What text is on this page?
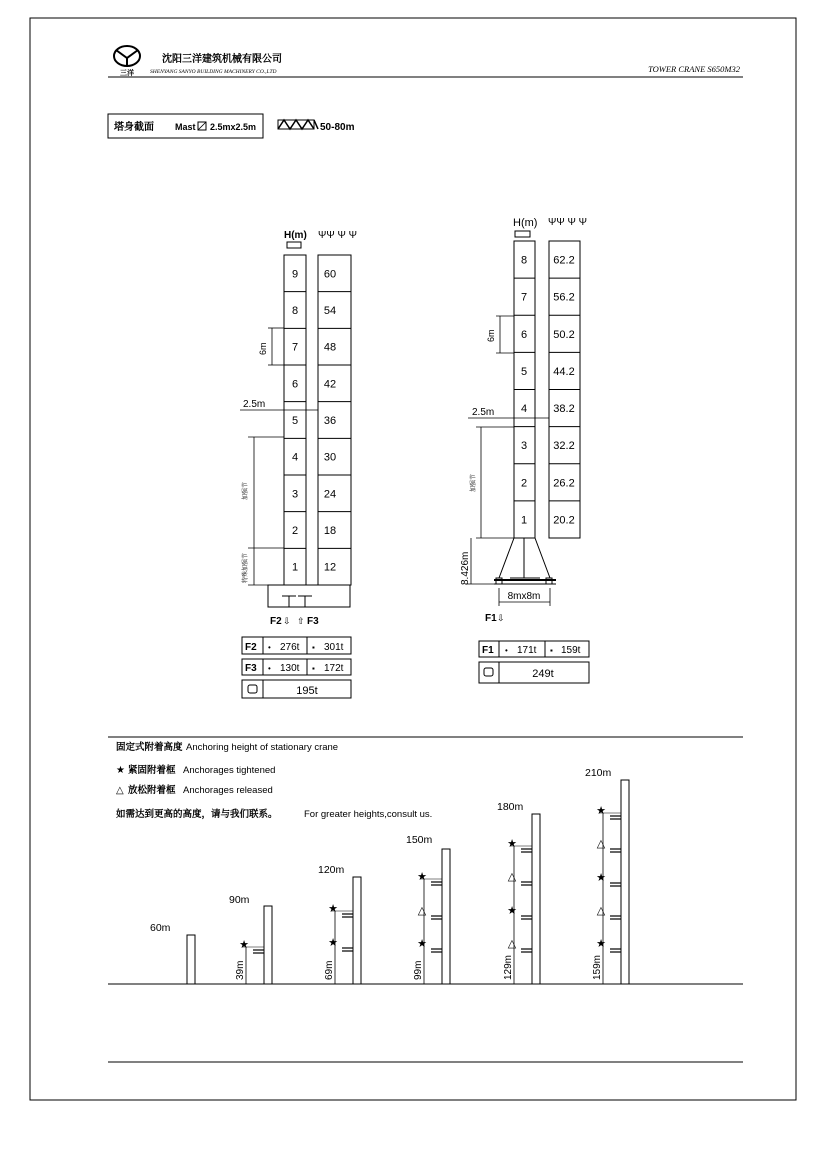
三洋
沈阳三洋建筑机械有限公司
SHENYANG SANYO BUILDING MACHINERY CO.,LTD	TOWER CRANE S650M32
塔身截面 Mast 2.5mx2.5m	50-80m
H(m) ΨΨ Ψ Ψ
9 60
8 54
7 48
6 42
5 36
4 30
3 24
2 18
1 12
F2 ⇩ ⇧ F3
6m
2.5m
加强节
特殊加强节
F2 • 276t ▪ 301t
F3 • 130t ▪ 172t
195t
H(m) ΨΨ Ψ Ψ
8 62.2
7 56.2
6 50.2
5 44.2
4 38.2
3 32.2
2 26.2
1 20.2
6m
2.5m
加强节
8.426m
8mx8m
F1 ⇩
F1 • 171t ▪ 159t
249t
固定式附着高度 Anchoring height of stationary crane
★ 紧固附着框 Anchorages tightened
△ 放松附着框 Anchorages released
如需达到更高的高度，请与我们联系。	For greater heights,consult us.
60m
90m
★
39m
120m
★
★
69m
150m
★
△
★
99m
180m
★
△
★
△
129m
210m
★
△
★
△
★
159m
